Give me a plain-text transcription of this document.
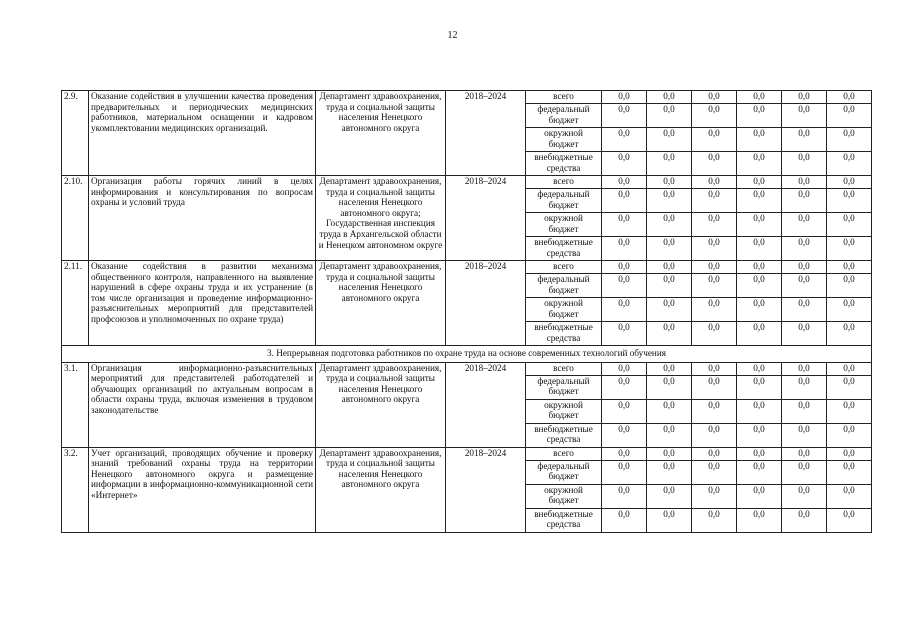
12
2.9.	Оказание содействия в улучшении качества проведения предварительных и периодических медицинских работников, материальном оснащении и кадровом укомплектовании медицинских организаций.	Департамент здравоохранения, труда и социальной защиты населения Ненецкого автономного округа	2018–2024	всего	0,0	0,0	0,0	0,0	0,0	0,0
				федеральный бюджет	0,0	0,0	0,0	0,0	0,0	0,0
				окружной бюджет	0,0	0,0	0,0	0,0	0,0	0,0
				внебюджетные средства	0,0	0,0	0,0	0,0	0,0	0,0
2.10.	Организация работы горячих линий в целях информирования и консультирования по вопросам охраны и условий труда	Департамент здравоохранения, труда и социальной защиты населения Ненецкого автономного округа; Государственная инспекция труда в Архангельской области и Ненецком автономном округе	2018–2024	всего	0,0	0,0	0,0	0,0	0,0	0,0
				федеральный бюджет	0,0	0,0	0,0	0,0	0,0	0,0
				окружной бюджет	0,0	0,0	0,0	0,0	0,0	0,0
				внебюджетные средства	0,0	0,0	0,0	0,0	0,0	0,0
2.11.	Оказание содействия в развитии механизма общественного контроля, направленного на выявление нарушений в сфере охраны труда и их устранение (в том числе организация и проведение информационно-разъяснительных мероприятий для представителей профсоюзов и уполномоченных по охране труда)	Департамент здравоохранения, труда и социальной защиты населения Ненецкого автономного округа	2018–2024	всего	0,0	0,0	0,0	0,0	0,0	0,0
				федеральный бюджет	0,0	0,0	0,0	0,0	0,0	0,0
				окружной бюджет	0,0	0,0	0,0	0,0	0,0	0,0
				внебюджетные средства	0,0	0,0	0,0	0,0	0,0	0,0
3. Непрерывная подготовка работников по охране труда на основе современных технологий обучения										
3.1.	Организация информационно-разъяснительных мероприятий для представителей работодателей и обучающих организаций по актуальным вопросам в области охраны труда, включая изменения в трудовом законодательстве	Департамент здравоохранения, труда и социальной защиты населения Ненецкого автономного округа	2018–2024	всего	0,0	0,0	0,0	0,0	0,0	0,0
				федеральный бюджет	0,0	0,0	0,0	0,0	0,0	0,0
				окружной бюджет	0,0	0,0	0,0	0,0	0,0	0,0
				внебюджетные средства	0,0	0,0	0,0	0,0	0,0	0,0
3.2.	Учет организаций, проводящих обучение и проверку знаний требований охраны труда на территории Ненецкого автономного округа и размещение информации в информационно-коммуникационной сети «Интернет»	Департамент здравоохранения, труда и социальной защиты населения Ненецкого автономного округа	2018–2024	всего	0,0	0,0	0,0	0,0	0,0	0,0
				федеральный бюджет	0,0	0,0	0,0	0,0	0,0	0,0
				окружной бюджет	0,0	0,0	0,0	0,0	0,0	0,0
				внебюджетные средства	0,0	0,0	0,0	0,0	0,0	0,0
